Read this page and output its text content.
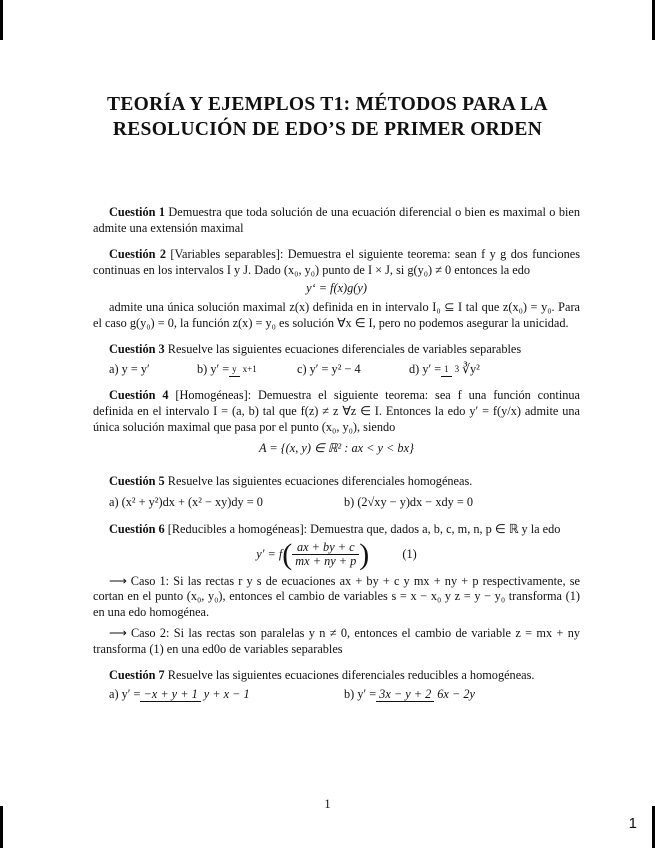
TEORÍA Y EJEMPLOS T1: MÉTODOS PARA LA
RESOLUCIÓN DE EDO’S DE PRIMER ORDEN

Cuestión 1 Demuestra que toda solución de una ecuación diferencial o bien es maximal o bien admite una extensión maximal

Cuestión 2 [Variables separables]: Demuestra el siguiente teorema: sean f y g dos funciones continuas en los intervalos I y J. Dado (x₀, y₀) punto de I × J, si g(y₀) ≠ 0 entonces la edo

y‘ = f(x)g(y)

admite una única solución maximal z(x) definida en in intervalo I₀ ⊆ I tal que z(x₀) = y₀. Para el caso g(y₀) = 0, la función z(x) = y₀ es solución ∀x ∈ I, pero no podemos asegurar la unicidad.

Cuestión 3 Resuelve las siguientes ecuaciones diferenciales de variables separables

a) y = y′	b) y′ =y x+1	c) y′ = y² − 4	d) y′ =1 3 ∛y²

Cuestión 4 [Homogéneas]: Demuestra el siguiente teorema: sea f una función continua definida en el intervalo I = (a, b) tal que f(z) ≠ z ∀z ∈ I. Entonces la edo y′ = f(y/x) admite una única solución maximal que pasa por el punto (x₀, y₀), siendo

A = {(x, y) ∈ ℝ² : ax < y < bx}

Cuestión 5 Resuelve las siguientes ecuaciones diferenciales homogéneas.

a) (x² + y²)dx + (x² − xy)dy = 0	b) (2√xy − y)dx − xdy = 0

Cuestión 6 [Reducibles a homogéneas]: Demuestra que, dados a, b, c, m, n, p ∈ ℝ y la edo

$y' = f( \frac{ax + by + c}{mx + ny + p}$ )	(1)

⟶ Caso 1: Si las rectas r y s de ecuaciones ax + by + c y mx + ny + p respectivamente, se cortan en el punto (x₀, y₀), entonces el cambio de variables s = x − x₀ y z = y − y₀ transforma (1) en una edo homogénea.

⟶ Caso 2: Si las rectas son paralelas y n ≠ 0, entonces el cambio de variable z = mx + ny transforma (1) en una ed0o de variables separables

Cuestión 7 Resuelve las siguientes ecuaciones diferenciales reducibles a homogéneas.

a) y′ =−x + y + 1 y + x − 1	b) y′ =3x − y + 2 6x − 2y
1
1
